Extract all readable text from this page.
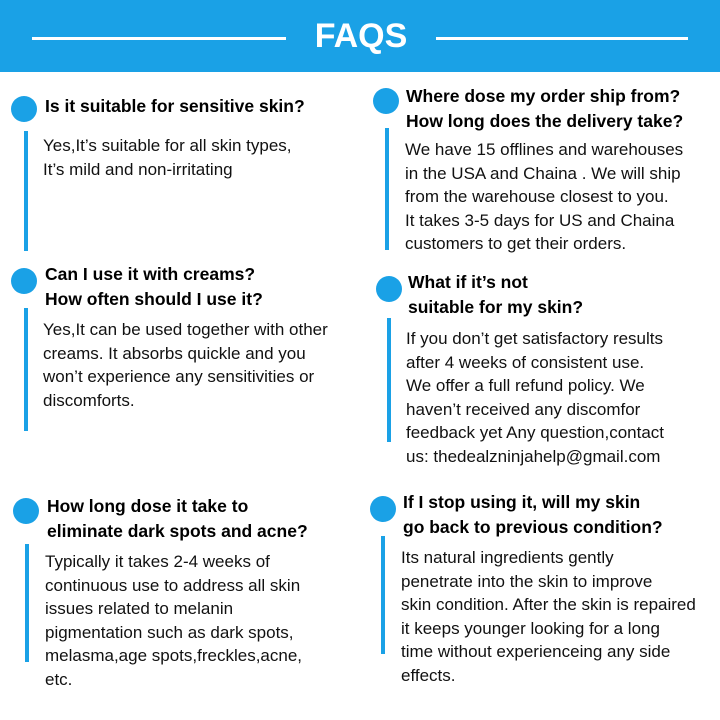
FAQS
Is it suitable for sensitive skin?
Yes,It’s suitable for all skin types,
It’s mild and non-irritating
Where dose my order ship from?
How long does the delivery take?
We have 15 offlines and warehouses
in the USA and Chaina . We will ship
from the warehouse closest to you.
It takes 3-5 days for US and Chaina
customers to get their orders.
Can I use it with creams?
How often should I use it?
Yes,It can be used together with other
creams. It absorbs quickle and you
won’t experience any sensitivities or
discomforts.
What if it’s not
suitable for my skin?
If you don’t get satisfactory results
after 4 weeks of consistent use.
We offer a full refund policy. We
haven’t received any discomfor
feedback yet Any question,contact
us: thedealzninjahelp@gmail.com
How long dose it take to
eliminate dark spots and acne?
Typically it takes 2-4 weeks of
continuous use to address all skin
issues related to melanin
pigmentation such as dark spots,
melasma,age spots,freckles,acne,
etc.
If I stop using it, will my skin
go back to previous condition?
Its natural ingredients gently
penetrate into the skin to improve
skin condition. After the skin is repaired
it keeps younger looking for a long
time without experienceing any side
effects.
